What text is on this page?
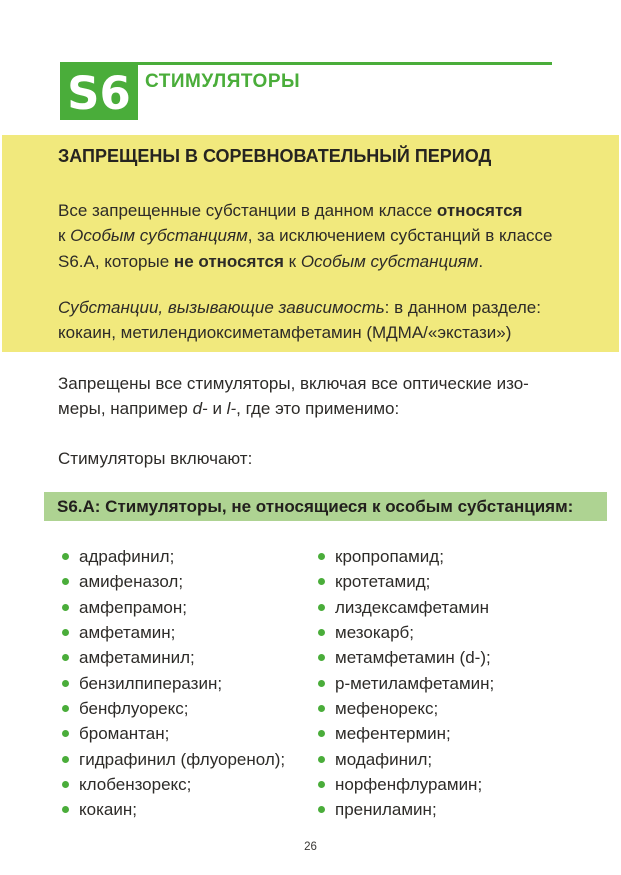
S6 СТИМУЛЯТОРЫ
ЗАПРЕЩЕНЫ В СОРЕВНОВАТЕЛЬНЫЙ ПЕРИОД
Все запрещенные субстанции в данном классе относятся
к Особым субстанциям, за исключением субстанций в классе
S6.A, которые не относятся к Особым субстанциям.
Субстанции, вызывающие зависимость: в данном разделе:
кокаин, метилендиоксиметамфетамин (МДМА/«экстази»)
Запрещены все стимуляторы, включая все оптические изо-
меры, например d- и l-, где это применимо:
Стимуляторы включают:
S6.A: Стимуляторы, не относящиеся к особым субстанциям:
адрафинил;
амифеназол;
амфепрамон;
амфетамин;
амфетаминил;
бензилпиперазин;
бенфлуорекс;
бромантан;
гидрафинил (флуоренол);
клобензорекс;
кокаин;
кропропамид;
кротетамид;
лиздексамфетамин
мезокарб;
метамфетамин (d-);
p-метиламфетамин;
мефенорекс;
мефентермин;
модафинил;
норфенфлурамин;
прениламин;
26
